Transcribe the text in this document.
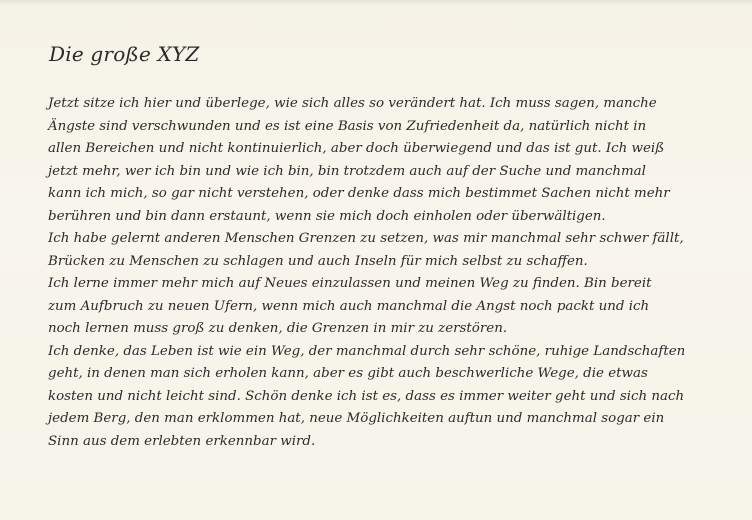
Die große XYZ
Jetzt sitze ich hier und überlege, wie sich alles so verändert hat. Ich muss sagen, manche
Ängste sind verschwunden und es ist eine Basis von Zufriedenheit da, natürlich nicht in
allen Bereichen und nicht kontinuierlich, aber doch überwiegend und das ist gut. Ich weiß
jetzt mehr, wer ich bin und wie ich bin, bin trotzdem auch auf der Suche und manchmal
kann ich mich, so gar nicht verstehen, oder denke dass mich bestimmet Sachen nicht mehr
berühren und bin dann erstaunt, wenn sie mich doch einholen oder überwältigen.
Ich habe gelernt anderen Menschen Grenzen zu setzen, was mir manchmal sehr schwer fällt,
Brücken zu Menschen zu schlagen und auch Inseln für mich selbst zu schaffen.
Ich lerne immer mehr mich auf Neues einzulassen und meinen Weg zu finden. Bin bereit
zum Aufbruch zu neuen Ufern, wenn mich auch manchmal die Angst noch packt und ich
noch lernen muss groß zu denken, die Grenzen in mir zu zerstören.
Ich denke, das Leben ist wie ein Weg, der manchmal durch sehr schöne, ruhige Landschaften
geht, in denen man sich erholen kann, aber es gibt auch beschwerliche Wege, die etwas
kosten und nicht leicht sind. Schön denke ich ist es, dass es immer weiter geht und sich nach
jedem Berg, den man erklommen hat, neue Möglichkeiten auftun und manchmal sogar ein
Sinn aus dem erlebten erkennbar wird.
